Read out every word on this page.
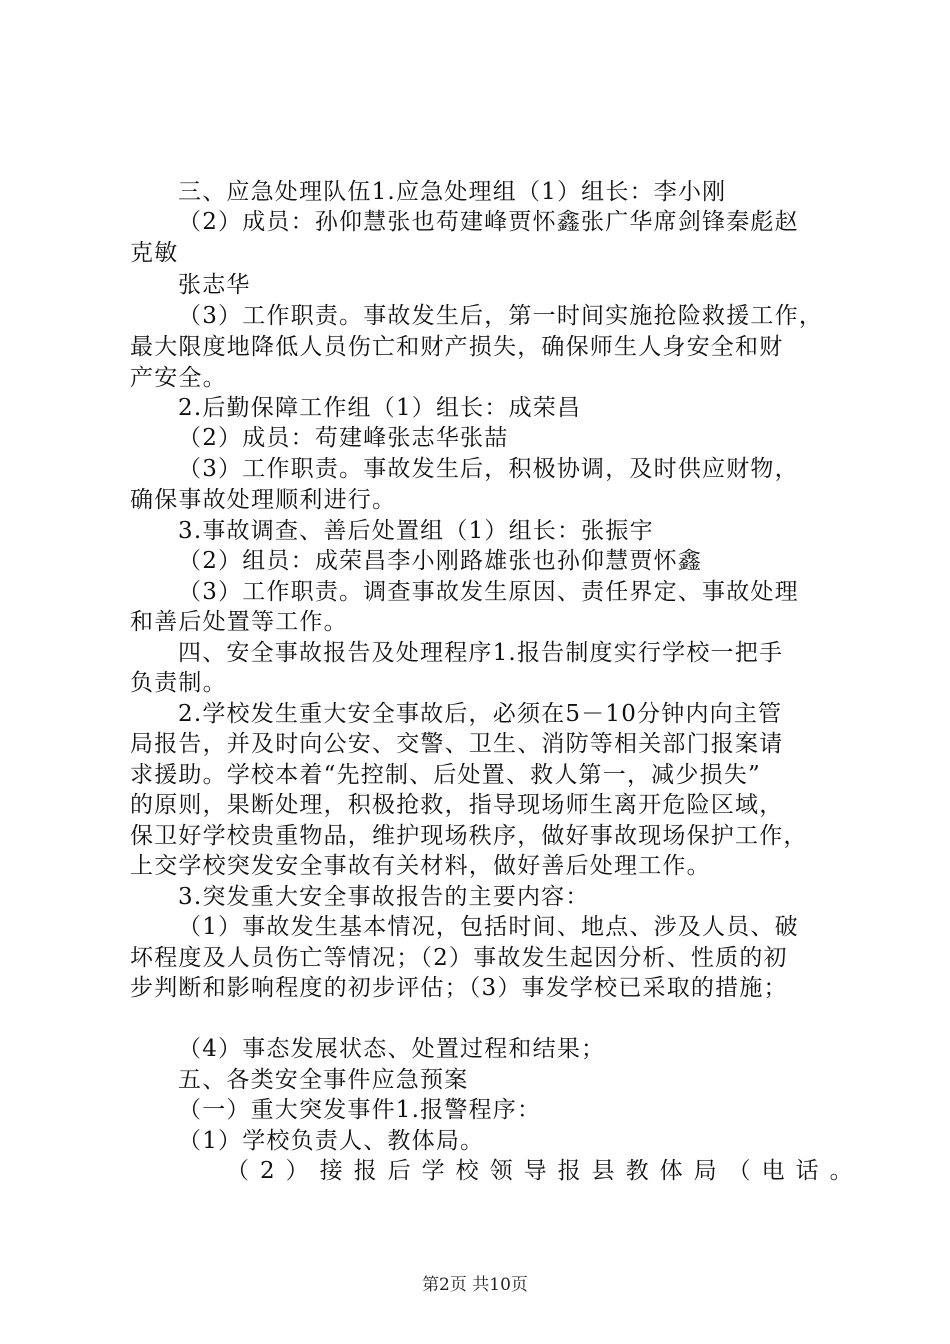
三、应急处理队伍1.应急处理组（1）组长：李小刚
（2）成员：孙仰慧张也苟建峰贾怀鑫张广华席剑锋秦彪赵
克敏
张志华
（3）工作职责。事故发生后，第一时间实施抢险救援工作，
最大限度地降低人员伤亡和财产损失，确保师生人身安全和财
产安全。
2.后勤保障工作组（1）组长：成荣昌
（2）成员：苟建峰张志华张喆
（3）工作职责。事故发生后，积极协调，及时供应财物，
确保事故处理顺利进行。
3.事故调查、善后处置组（1）组长：张振宇
（2）组员：成荣昌李小刚路雄张也孙仰慧贾怀鑫
（3）工作职责。调查事故发生原因、责任界定、事故处理
和善后处置等工作。
四、安全事故报告及处理程序1.报告制度实行学校一把手
负责制。
2.学校发生重大安全事故后，必须在5－10分钟内向主管
局报告，并及时向公安、交警、卫生、消防等相关部门报案请
求援助。学校本着“先控制、后处置、救人第一，减少损失”
的原则，果断处理，积极抢救，指导现场师生离开危险区域，
保卫好学校贵重物品，维护现场秩序，做好事故现场保护工作，
上交学校突发安全事故有关材料，做好善后处理工作。
3.突发重大安全事故报告的主要内容：
（1）事故发生基本情况，包括时间、地点、涉及人员、破
坏程度及人员伤亡等情况；（2）事故发生起因分析、性质的初
步判断和影响程度的初步评估；（3）事发学校已采取的措施；
（4）事态发展状态、处置过程和结果；
五、各类安全事件应急预案
（一）重大突发事件1.报警程序：
（1）学校负责人、教体局。
（2）接报后学校领导报县教体局（电话。
第2页 共10页
